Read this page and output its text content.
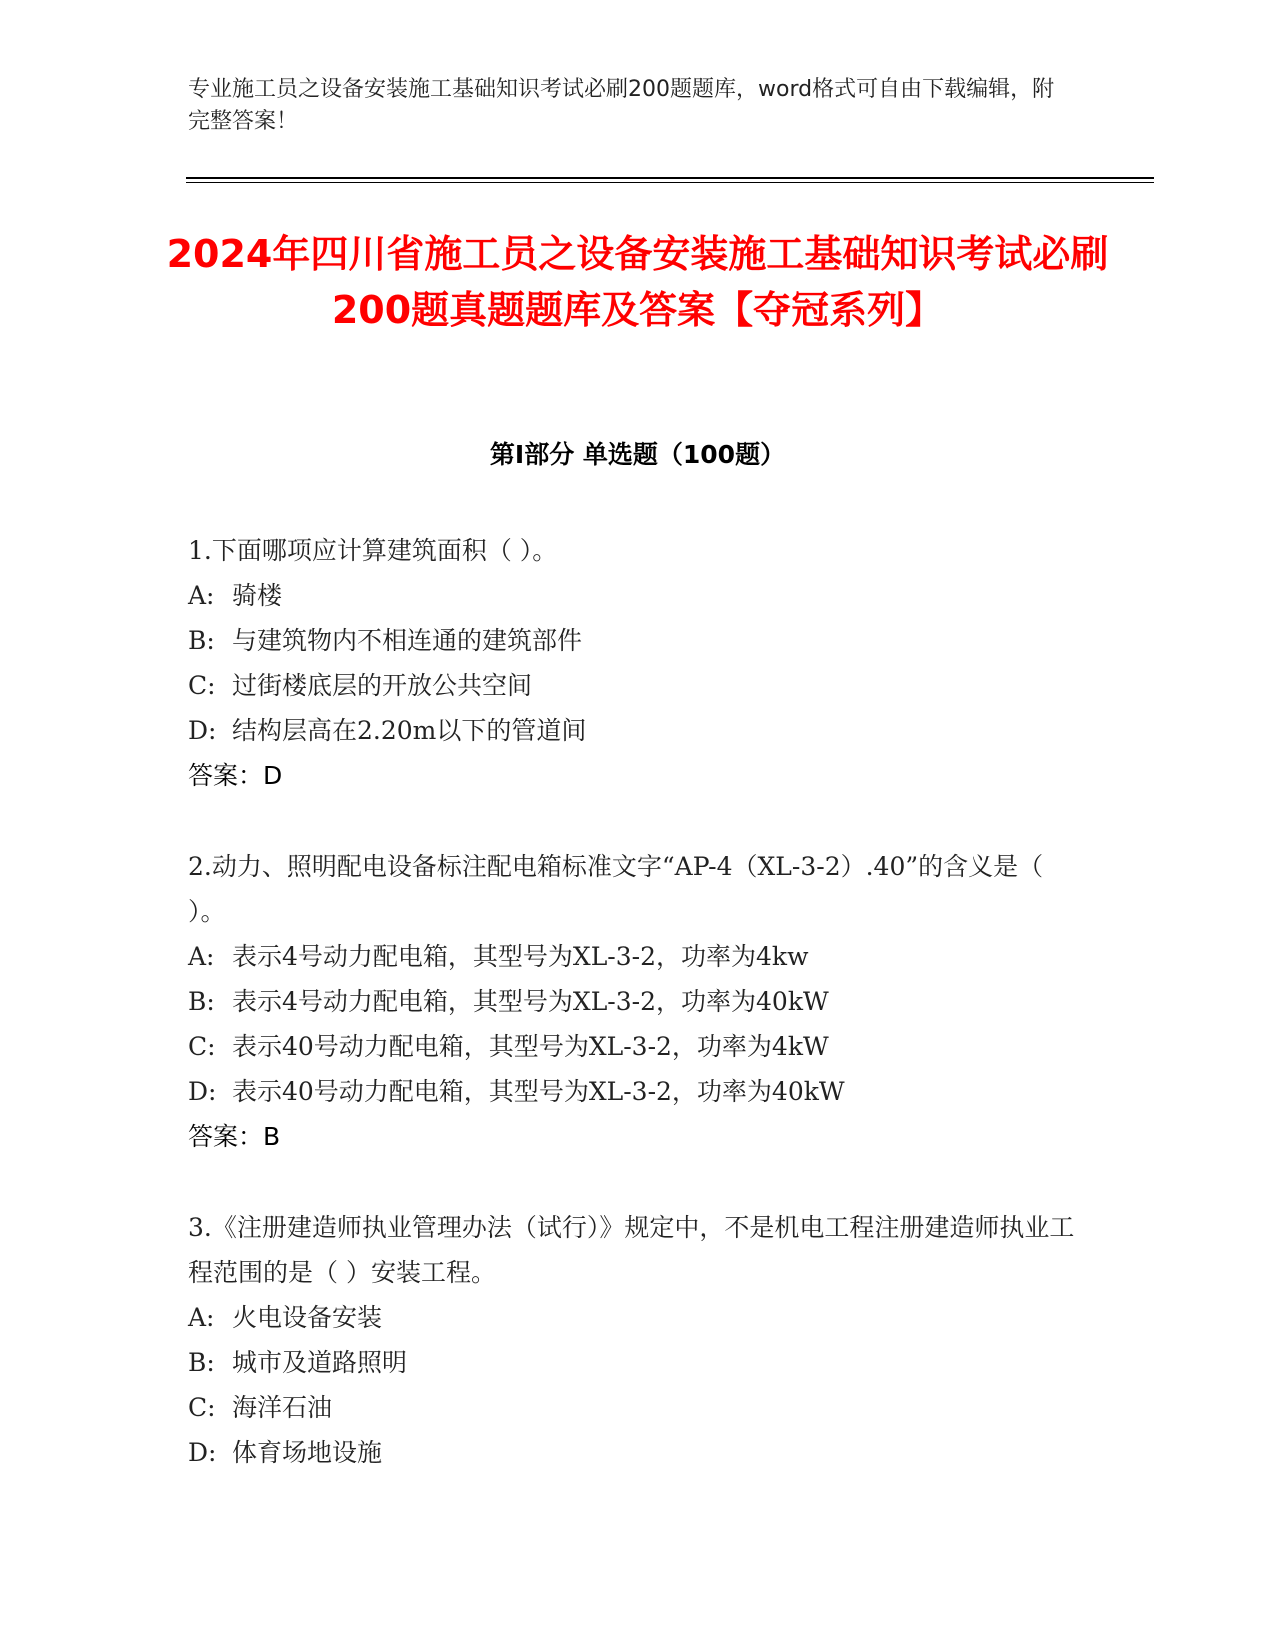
专业施工员之设备安装施工基础知识考试必刷200题题库，word格式可自由下载编辑，附完整答案！

2024年四川省施工员之设备安装施工基础知识考试必刷200题真题题库及答案【夺冠系列】
第I部分 单选题（100题）

1.下面哪项应计算建筑面积（ ）。

A: 骑楼
B: 与建筑物内不相连通的建筑部件
C: 过街楼底层的开放公共空间
D: 结构层高在2.20m以下的管道间

答案：D

2.动力、照明配电设备标注配电箱标准文字“AP-4（XL-3-2）.40”的含义是（ ）。

A: 表示4号动力配电箱，其型号为XL-3-2，功率为4kw
B: 表示4号动力配电箱，其型号为XL-3-2，功率为40kW
C: 表示40号动力配电箱，其型号为XL-3-2，功率为4kW
D: 表示40号动力配电箱，其型号为XL-3-2，功率为40kW

答案：B

3.《注册建造师执业管理办法（试行）》规定中，不是机电工程注册建造师执业工程范围的是（ ）安装工程。

A: 火电设备安装
B: 城市及道路照明
C: 海洋石油
D: 体育场地设施
